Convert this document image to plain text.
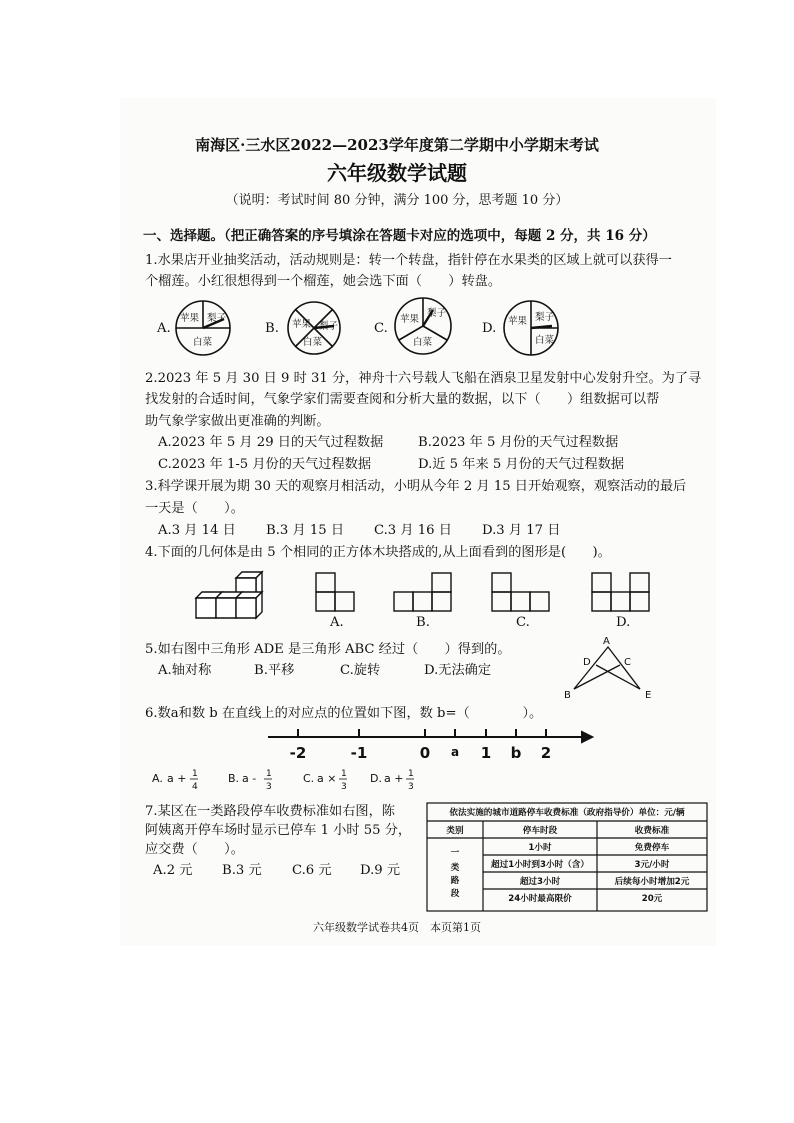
南海区·三水区2022—2023学年度第二学期中小学期末考试
六年级数学试题
（说明：考试时间 80 分钟，满分 100 分，思考题 10 分）
一、选择题。（把正确答案的序号填涂在答题卡对应的选项中，每题 2 分，共 16 分）
1.水果店开业抽奖活动，活动规则是：转一个转盘，指针停在水果类的区域上就可以获得一
个榴莲。小红很想得到一个榴莲，她会选下面（　　）转盘。
A.	B.	C.	D.
苹果 梨子
白菜
苹果 梨子
白菜
苹果
梨子
白菜
苹果 梨子
白菜
2.2023 年 5 月 30 日 9 时 31 分，神舟十六号载人飞船在酒泉卫星发射中心发射升空。为了寻
找发射的合适时间，气象学家们需要查阅和分析大量的数据，以下（　　）组数据可以帮
助气象学家做出更准确的判断。
A.2023 年 5 月 29 日的天气过程数据	B.2023 年 5 月份的天气过程数据
C.2023 年 1-5 月份的天气过程数据	D.近 5 年来 5 月份的天气过程数据
3.科学课开展为期 30 天的观察月相活动，小明从今年 2 月 15 日开始观察，观察活动的最后
一天是（　　）。
A.3 月 14 日 B.3 月 15 日 C.3 月 16 日 D.3 月 17 日
4.下面的几何体是由 5 个相同的正方体木块搭成的,从上面看到的图形是(　　)。
A.	B.	C.	D.
5.如右图中三角形 ADE 是三角形 ABC 经过（　　）得到的。
A.轴对称	B.平移	C.旋转	D.无法确定
A
B
C
D
E
6.数a和数 b 在直线上的对应点的位置如下图，数 b=（　　　　）。
-2	-1	0 a 1 b 2
A. a + 1
4
B. a - 1
3
C. a × 1
3
D. a + 1
3
7.某区在一类路段停车收费标准如右图，陈
阿姨离开停车场时显示已停车 1 小时 55 分，
应交费（　　）。
A.2 元 B.3 元 C.6 元 D.9 元
依法实施的城市道路停车收费标准（政府指导价）单位：元/辆
类别	停车时段	收费标准
一
类
路
段
1小时	免费停车
超过1小时到3小时（含）	3元/小时
超过3小时	后续每小时增加2元
24小时最高限价	20元
六年级数学试卷共4页　本页第1页
